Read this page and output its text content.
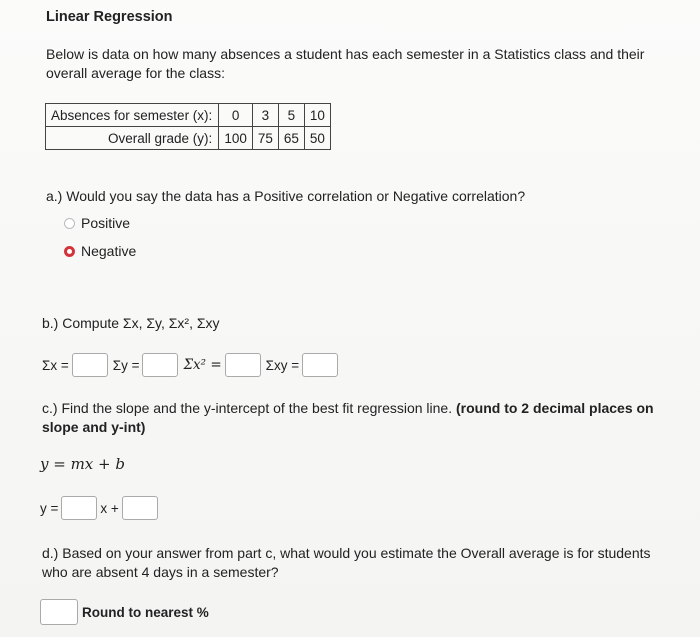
Linear Regression
Below is data on how many absences a student has each semester in a Statistics class and their overall average for the class:
Absences for semester (x):	0	3	5	10
Overall grade (y):	100	75	65	50
a.) Would you say the data has a Positive correlation or Negative correlation?
Positive
Negative
b.) Compute Σx, Σy, Σx², Σxy
Σx =	Σy =	Σx² =	Σxy =
c.) Find the slope and the y-intercept of the best fit regression line. (round to 2 decimal places on slope and y-int)
y = mx + b
y =	x +
d.) Based on your answer from part c, what would you estimate the Overall average is for students who are absent 4 days in a semester?
Round to nearest %
